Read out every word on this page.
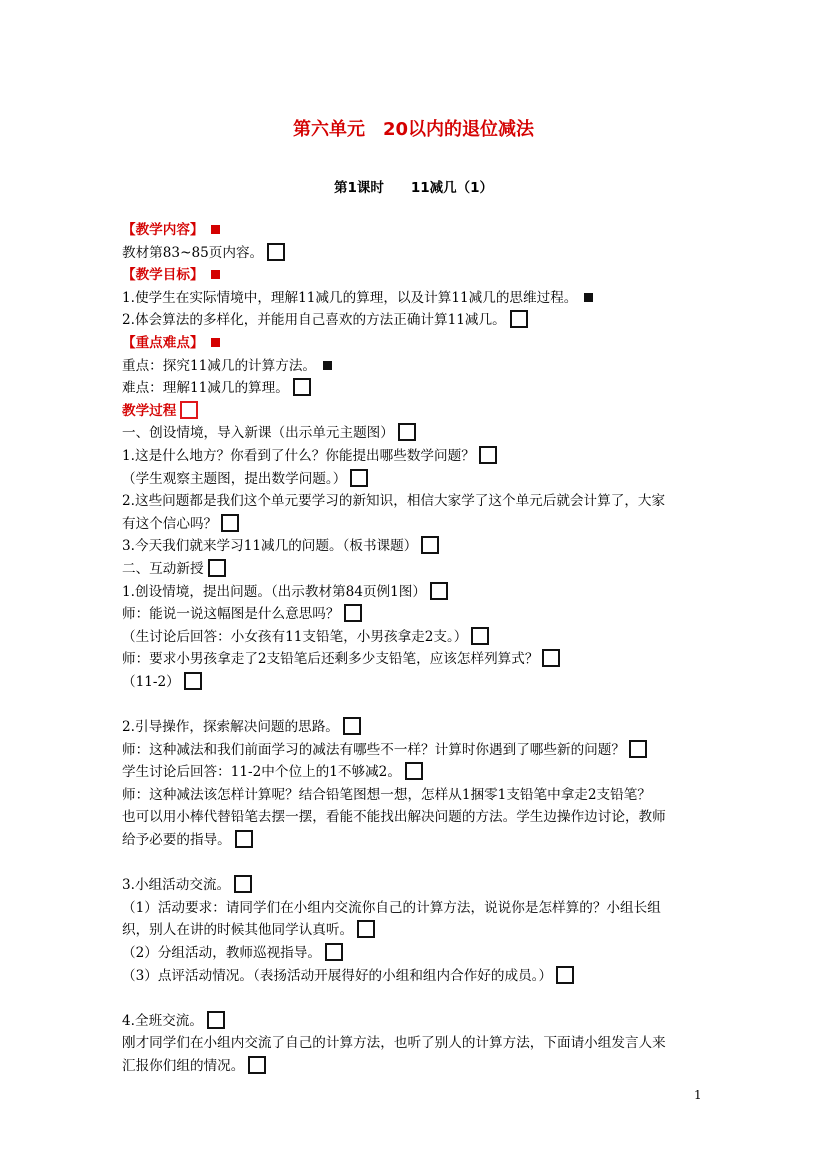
第六单元　20以内的退位减法
第1课时　　11减几（1）
【教学内容】
教材第83~85页内容。
【教学目标】
1.使学生在实际情境中，理解11减几的算理，以及计算11减几的思维过程。
2.体会算法的多样化，并能用自己喜欢的方法正确计算11减几。
【重点难点】
重点：探究11减几的计算方法。
难点：理解11减几的算理。
教学过程
一、创设情境，导入新课（出示单元主题图）
1.这是什么地方？你看到了什么？你能提出哪些数学问题？
（学生观察主题图，提出数学问题。）
2.这些问题都是我们这个单元要学习的新知识，相信大家学了这个单元后就会计算了，大家
有这个信心吗？
3.今天我们就来学习11减几的问题。（板书课题）
二、互动新授
1.创设情境，提出问题。（出示教材第84页例1图）
师：能说一说这幅图是什么意思吗？
（生讨论后回答：小女孩有11支铅笔，小男孩拿走2支。）
师：要求小男孩拿走了2支铅笔后还剩多少支铅笔，应该怎样列算式？
（11-2）
2.引导操作，探索解决问题的思路。
师：这种减法和我们前面学习的减法有哪些不一样？计算时你遇到了哪些新的问题？
学生讨论后回答：11-2中个位上的1不够减2。
师：这种减法该怎样计算呢？结合铅笔图想一想，怎样从1捆零1支铅笔中拿走2支铅笔？
也可以用小棒代替铅笔去摆一摆，看能不能找出解决问题的方法。学生边操作边讨论，教师
给予必要的指导。
3.小组活动交流。
（1）活动要求：请同学们在小组内交流你自己的计算方法，说说你是怎样算的？小组长组
织，别人在讲的时候其他同学认真听。
（2）分组活动，教师巡视指导。
（3）点评活动情况。（表扬活动开展得好的小组和组内合作好的成员。）
4.全班交流。
刚才同学们在小组内交流了自己的计算方法，也听了别人的计算方法，下面请小组发言人来
汇报你们组的情况。
1
